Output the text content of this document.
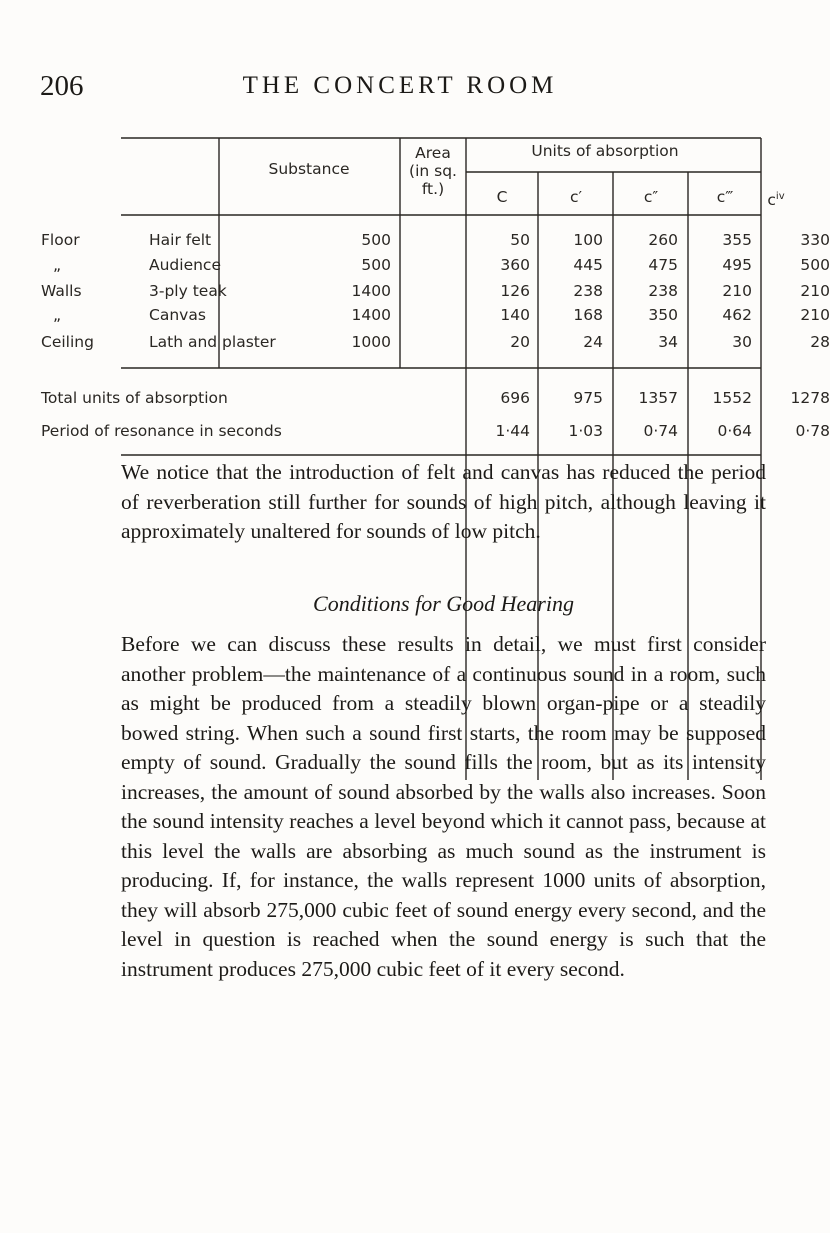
206	THE CONCERT ROOM
Substance
Area
(in sq.
ft.)
Units of absorption
C	c′	c″	c‴ $c^{iv}$
Floor	Hair felt	500	50	100	260	355	330
„	Audience	500	360	445	475	495	500
Walls	3-ply teak	1400	126	238	238	210	210
„	Canvas	1400	140	168	350	462	210
Ceiling	Lath and plaster	1000	20	24	34	30	28
Total units of absorption	696	975 1357 1552 1278
Period of resonance in seconds	1·44 1·03	0·74	0·64	0·78

We notice that the introduction of felt and canvas has reduced the period of reverberation still further for sounds of high pitch, although leaving it approximately unaltered for sounds of low pitch.

Conditions for Good Hearing

Before we can discuss these results in detail, we must first consider another problem—the maintenance of a continuous sound in a room, such as might be produced from a steadily blown organ-pipe or a steadily bowed string. When such a sound first starts, the room may be supposed empty of sound. Gradually the sound fills the room, but as its intensity increases, the amount of sound absorbed by the walls also increases. Soon the sound intensity reaches a level beyond which it cannot pass, because at this level the walls are absorbing as much sound as the instrument is producing. If, for instance, the walls represent 1000 units of absorption, they will absorb 275,000 cubic feet of sound energy every second, and the level in question is reached when the sound energy is such that the instrument produces 275,000 cubic feet of it every second.
